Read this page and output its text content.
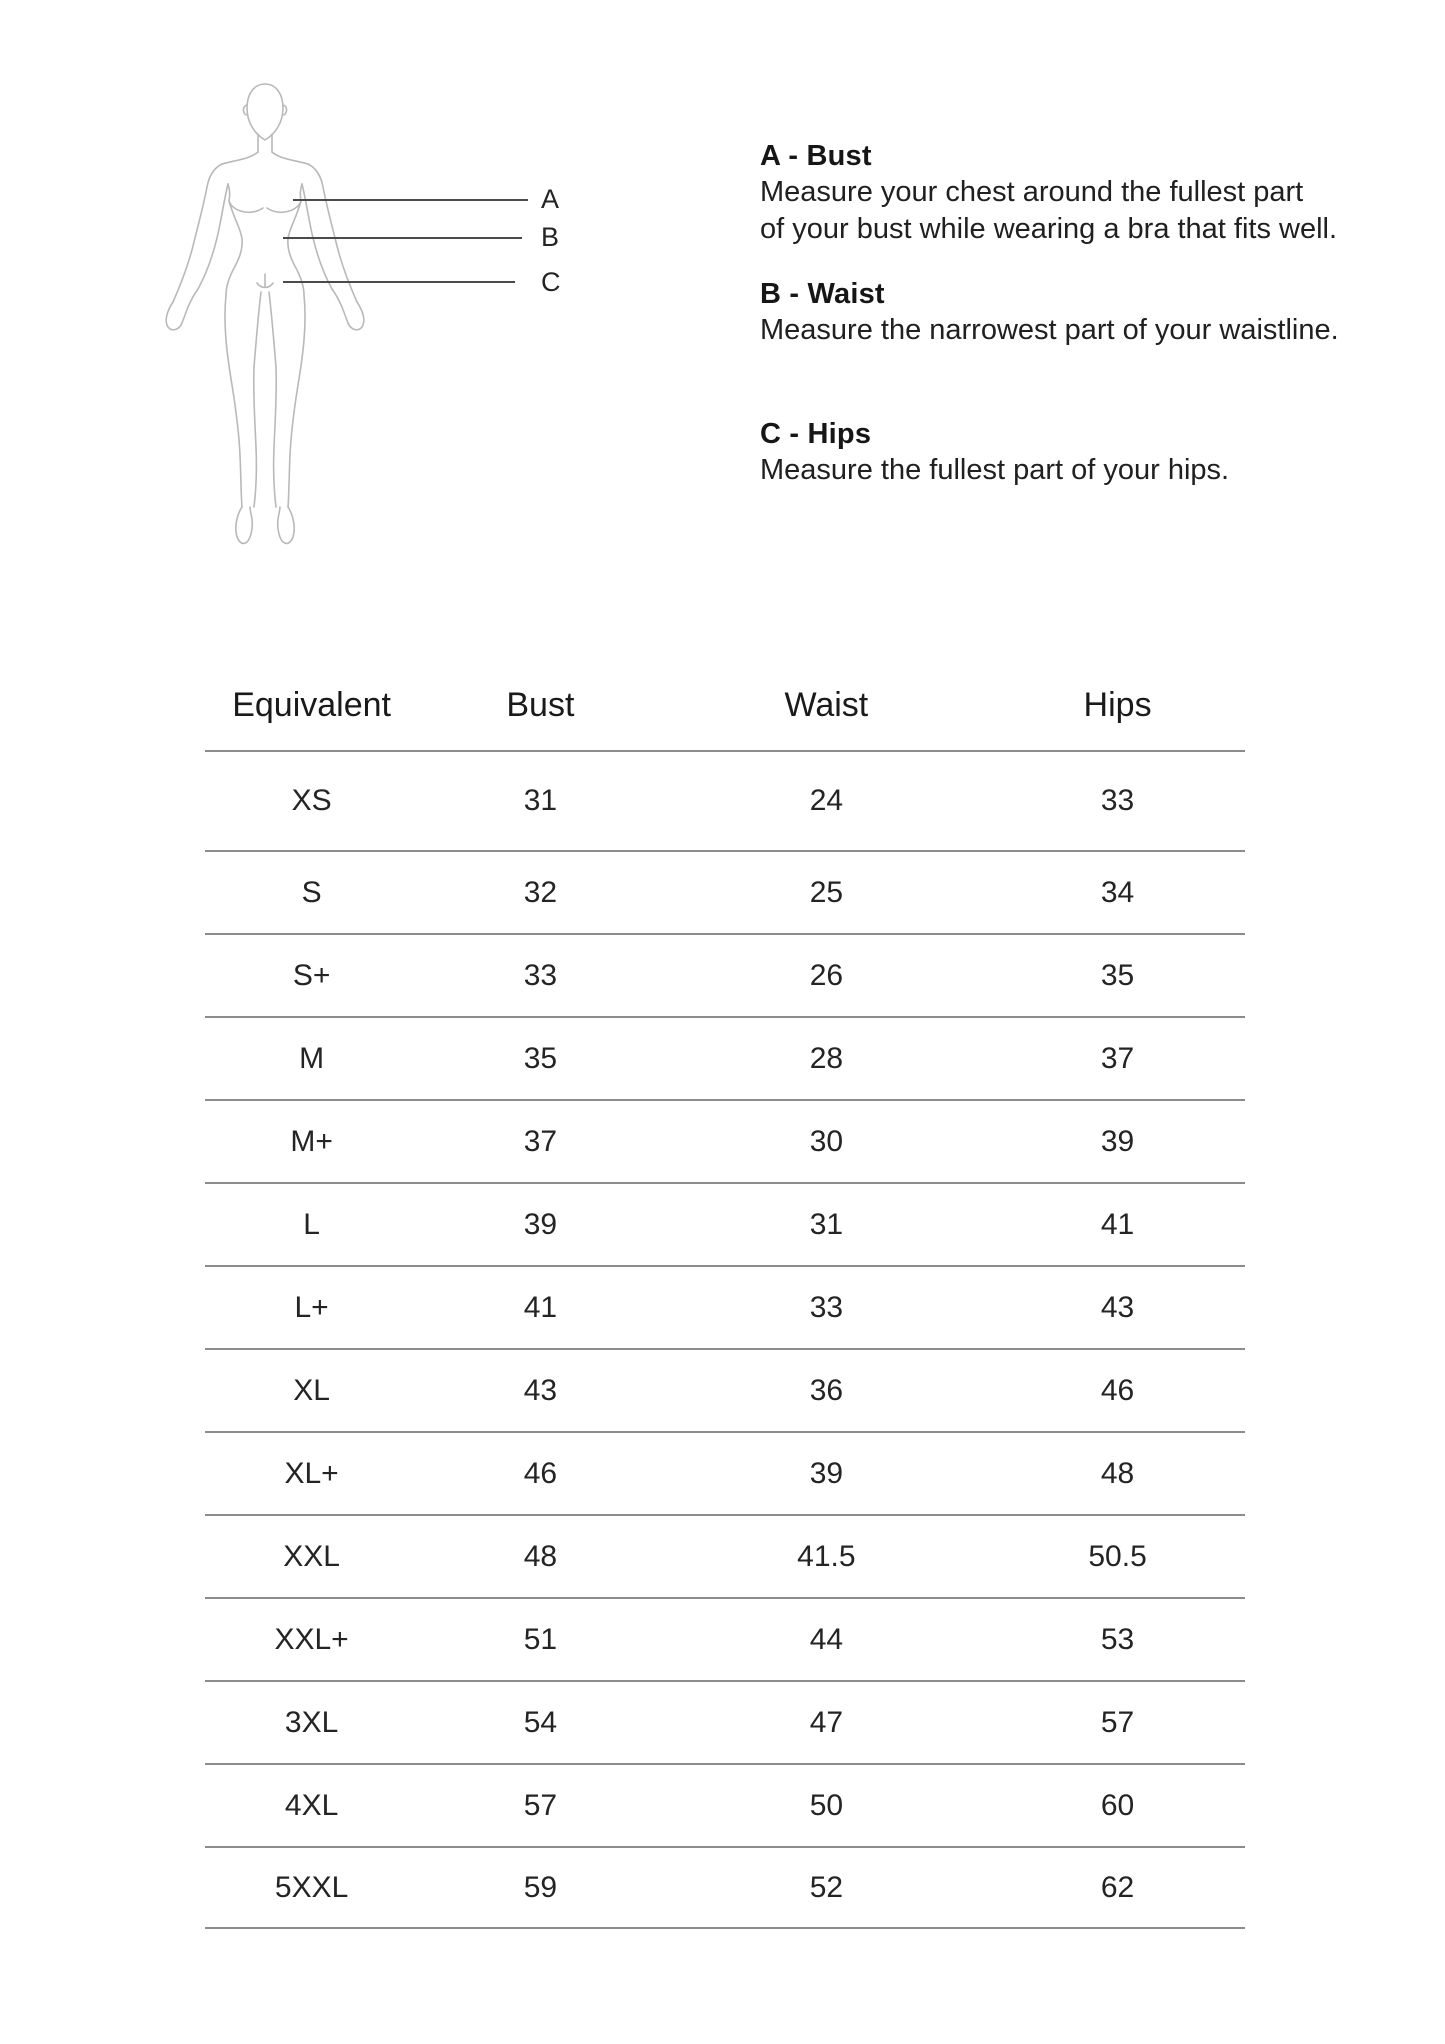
A
B
C
A - Bust

Measure your chest around the fullest part

of your bust while wearing a bra that fits well.

B - Waist

Measure the narrowest part of your waistline.

C - Hips

Measure the fullest part of your hips.

Equivalent	Bust	Waist	Hips
XS	31	24	33
S	32	25	34
S+	33	26	35
M	35	28	37
M+	37	30	39
L	39	31	41
L+	41	33	43
XL	43	36	46
XL+	46	39	48
XXL	48	41.5	50.5
XXL+	51	44	53
3XL	54	47	57
4XL	57	50	60
5XXL	59	52	62
